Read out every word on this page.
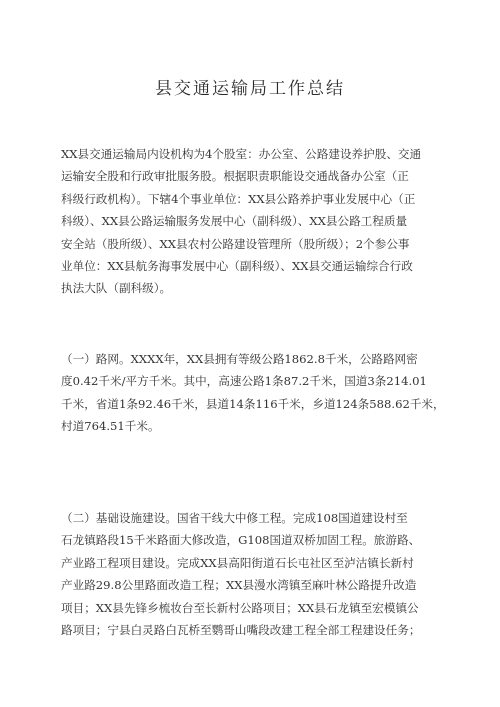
县交通运输局工作总结
XX县交通运输局内设机构为4个股室：办公室、公路建设养护股、交通
运输安全股和行政审批服务股。根据职责职能设交通战备办公室（正
科级行政机构）。下辖4个事业单位：XX县公路养护事业发展中心（正
科级）、XX县公路运输服务发展中心（副科级）、XX县公路工程质量
安全站（股所级）、XX县农村公路建设管理所（股所级）；2个参公事
业单位：XX县航务海事发展中心（副科级）、XX县交通运输综合行政
执法大队（副科级）。
（一）路网。XXXX年，XX县拥有等级公路1862.8千米，公路路网密
度0.42千米/平方千米。其中，高速公路1条87.2千米，国道3条214.01
千米，省道1条92.46千米，县道14条116千米，乡道124条588.62千米，
村道764.51千米。
（二）基础设施建设。国省干线大中修工程。完成108国道建设村至
石龙镇路段15千米路面大修改造，G108国道双桥加固工程。旅游路、
产业路工程项目建设。完成XX县高阳街道石长屯社区至泸沽镇长新村
产业路29.8公里路面改造工程；XX县漫水湾镇至麻叶林公路提升改造
项目；XX县先锋乡梳妆台至长新村公路项目；XX县石龙镇至宏模镇公
路项目；宁县白灵路白瓦桥至鹦哥山嘴段改建工程全部工程建设任务；
